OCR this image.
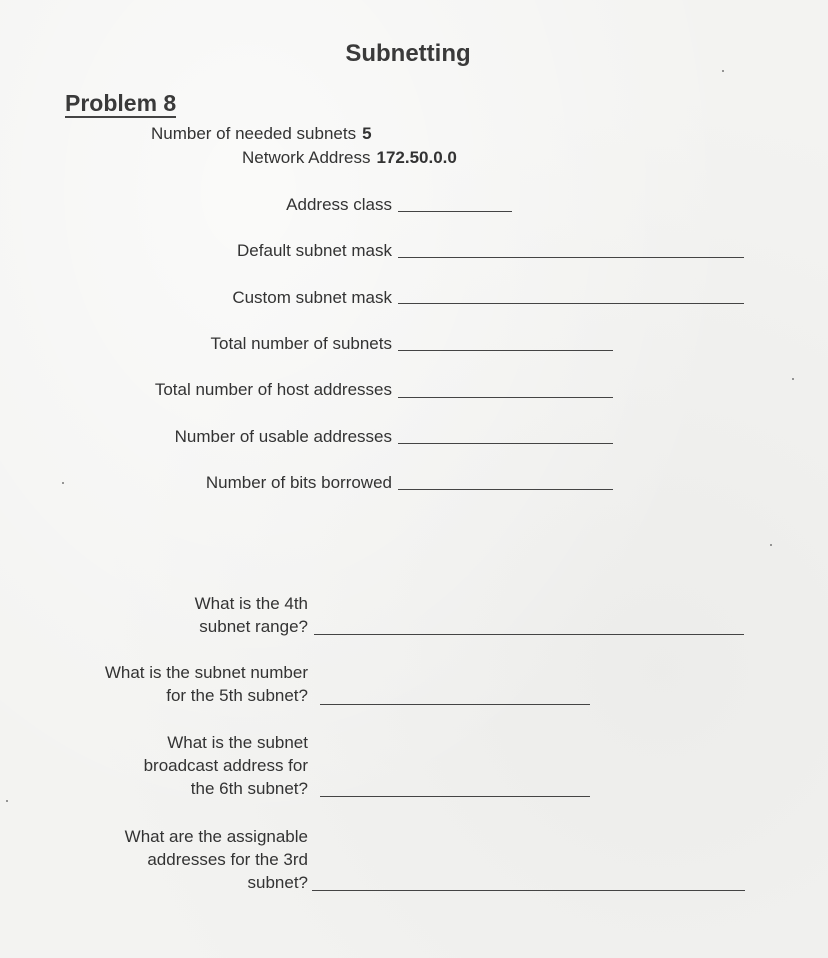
Subnetting
Problem 8
Number of needed subnets 5
Network Address 172.50.0.0
Address class
Default subnet mask
Custom subnet mask
Total number of subnets
Total number of host addresses
Number of usable addresses
Number of bits borrowed
What is the 4th
subnet range?
What is the subnet number
for the 5th subnet?
What is the subnet
broadcast address for
the 6th subnet?
What are the assignable
addresses for the 3rd
subnet?
